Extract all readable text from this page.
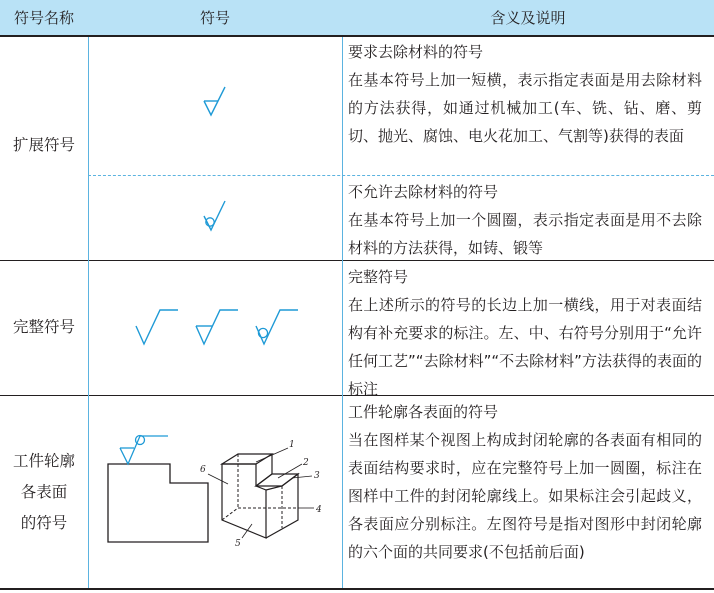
符号名称	符号	含义及说明
扩展符号
要求去除材料的符号
在基本符号上加一短横，表示指定表面是用去除材料的方法获得，如通过机械加工(车、铣、钻、磨、剪切、抛光、腐蚀、电火花加工、气割等)获得的表面
不允许去除材料的符号
在基本符号上加一个圆圈，表示指定表面是用不去除材料的方法获得，如铸、锻等
完整符号
完整符号
在上述所示的符号的长边上加一横线，用于对表面结构有补充要求的标注。左、中、右符号分别用于“允许任何工艺”“去除材料”“不去除材料”方法获得的表面的标注
工件轮廓
各表面
的符号
1
2
3
4
5
6
工件轮廓各表面的符号
当在图样某个视图上构成封闭轮廓的各表面有相同的表面结构要求时，应在完整符号上加一圆圈，标注在图样中工件的封闭轮廓线上。如果标注会引起歧义，各表面应分别标注。左图符号是指对图形中封闭轮廓的六个面的共同要求(不包括前后面)
